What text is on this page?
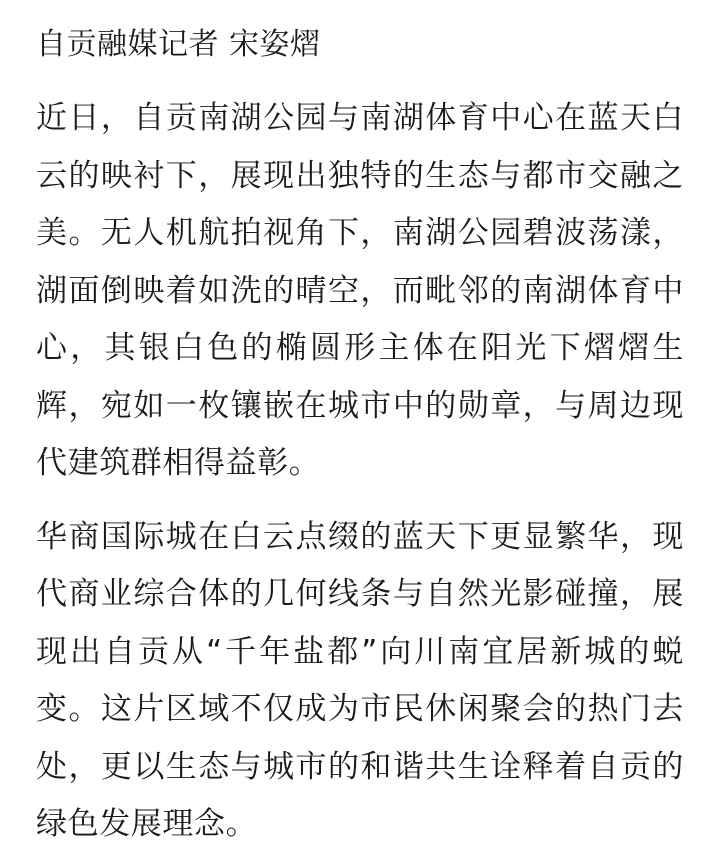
自贡融媒记者 宋姿熠

近日，自贡南湖公园与南湖体育中心在蓝天白云的映衬下，展现出独特的生态与都市交融之美。无人机航拍视角下，南湖公园碧波荡漾，湖面倒映着如洗的晴空，而毗邻的南湖体育中心，其银白色的椭圆形主体在阳光下熠熠生辉，宛如一枚镶嵌在城市中的勋章，与周边现代建筑群相得益彰。

华商国际城在白云点缀的蓝天下更显繁华，现代商业综合体的几何线条与自然光影碰撞，展现出自贡从“千年盐都”向川南宜居新城的蜕变。这片区域不仅成为市民休闲聚会的热门去处，更以生态与城市的和谐共生诠释着自贡的绿色发展理念。
